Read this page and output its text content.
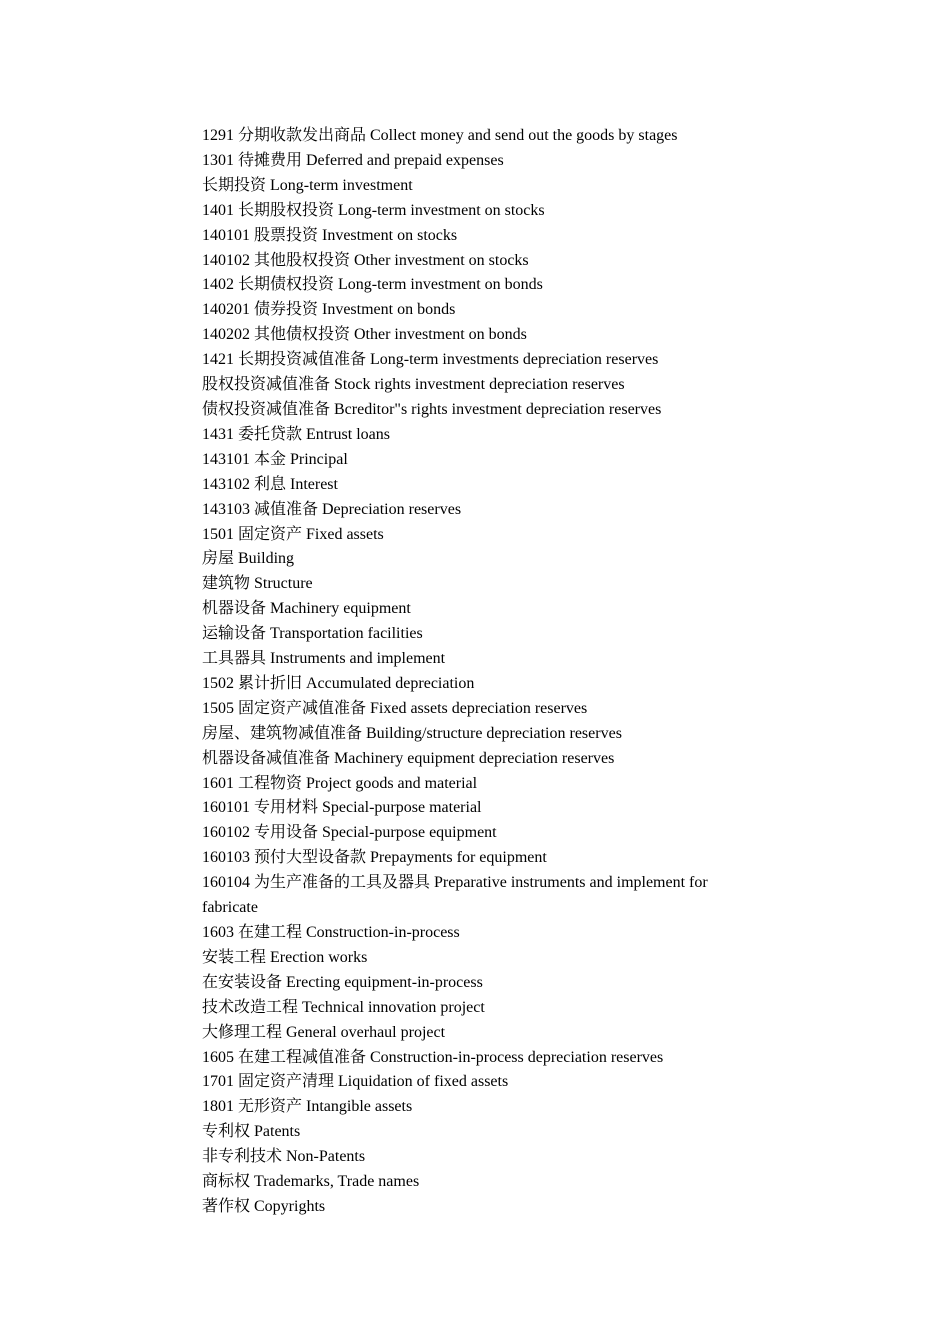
1291 分期收款发出商品 Collect money and send out the goods by stages

1301 待摊费用 Deferred and prepaid expenses

长期投资 Long-term investment

1401 长期股权投资 Long-term investment on stocks

140101 股票投资 Investment on stocks

140102 其他股权投资 Other investment on stocks

1402 长期债权投资 Long-term investment on bonds

140201 债券投资 Investment on bonds

140202 其他债权投资 Other investment on bonds

1421 长期投资减值准备 Long-term investments depreciation reserves

股权投资减值准备 Stock rights investment depreciation reserves

债权投资减值准备 Bcreditor"s rights investment depreciation reserves

1431 委托贷款 Entrust loans

143101 本金 Principal

143102 利息 Interest

143103 减值准备 Depreciation reserves

1501 固定资产 Fixed assets

房屋 Building

建筑物 Structure

机器设备 Machinery equipment

运输设备 Transportation facilities

工具器具 Instruments and implement

1502 累计折旧 Accumulated depreciation

1505 固定资产减值准备 Fixed assets depreciation reserves

房屋、建筑物减值准备 Building/structure depreciation reserves

机器设备减值准备 Machinery equipment depreciation reserves

1601 工程物资 Project goods and material

160101 专用材料 Special-purpose material

160102 专用设备 Special-purpose equipment

160103 预付大型设备款 Prepayments for equipment

160104 为生产准备的工具及器具 Preparative instruments and implement for fabricate

1603 在建工程 Construction-in-process

安装工程 Erection works

在安装设备 Erecting equipment-in-process

技术改造工程 Technical innovation project

大修理工程 General overhaul project

1605 在建工程减值准备 Construction-in-process depreciation reserves

1701 固定资产清理 Liquidation of fixed assets

1801 无形资产 Intangible assets

专利权 Patents

非专利技术 Non-Patents

商标权 Trademarks, Trade names

著作权 Copyrights
